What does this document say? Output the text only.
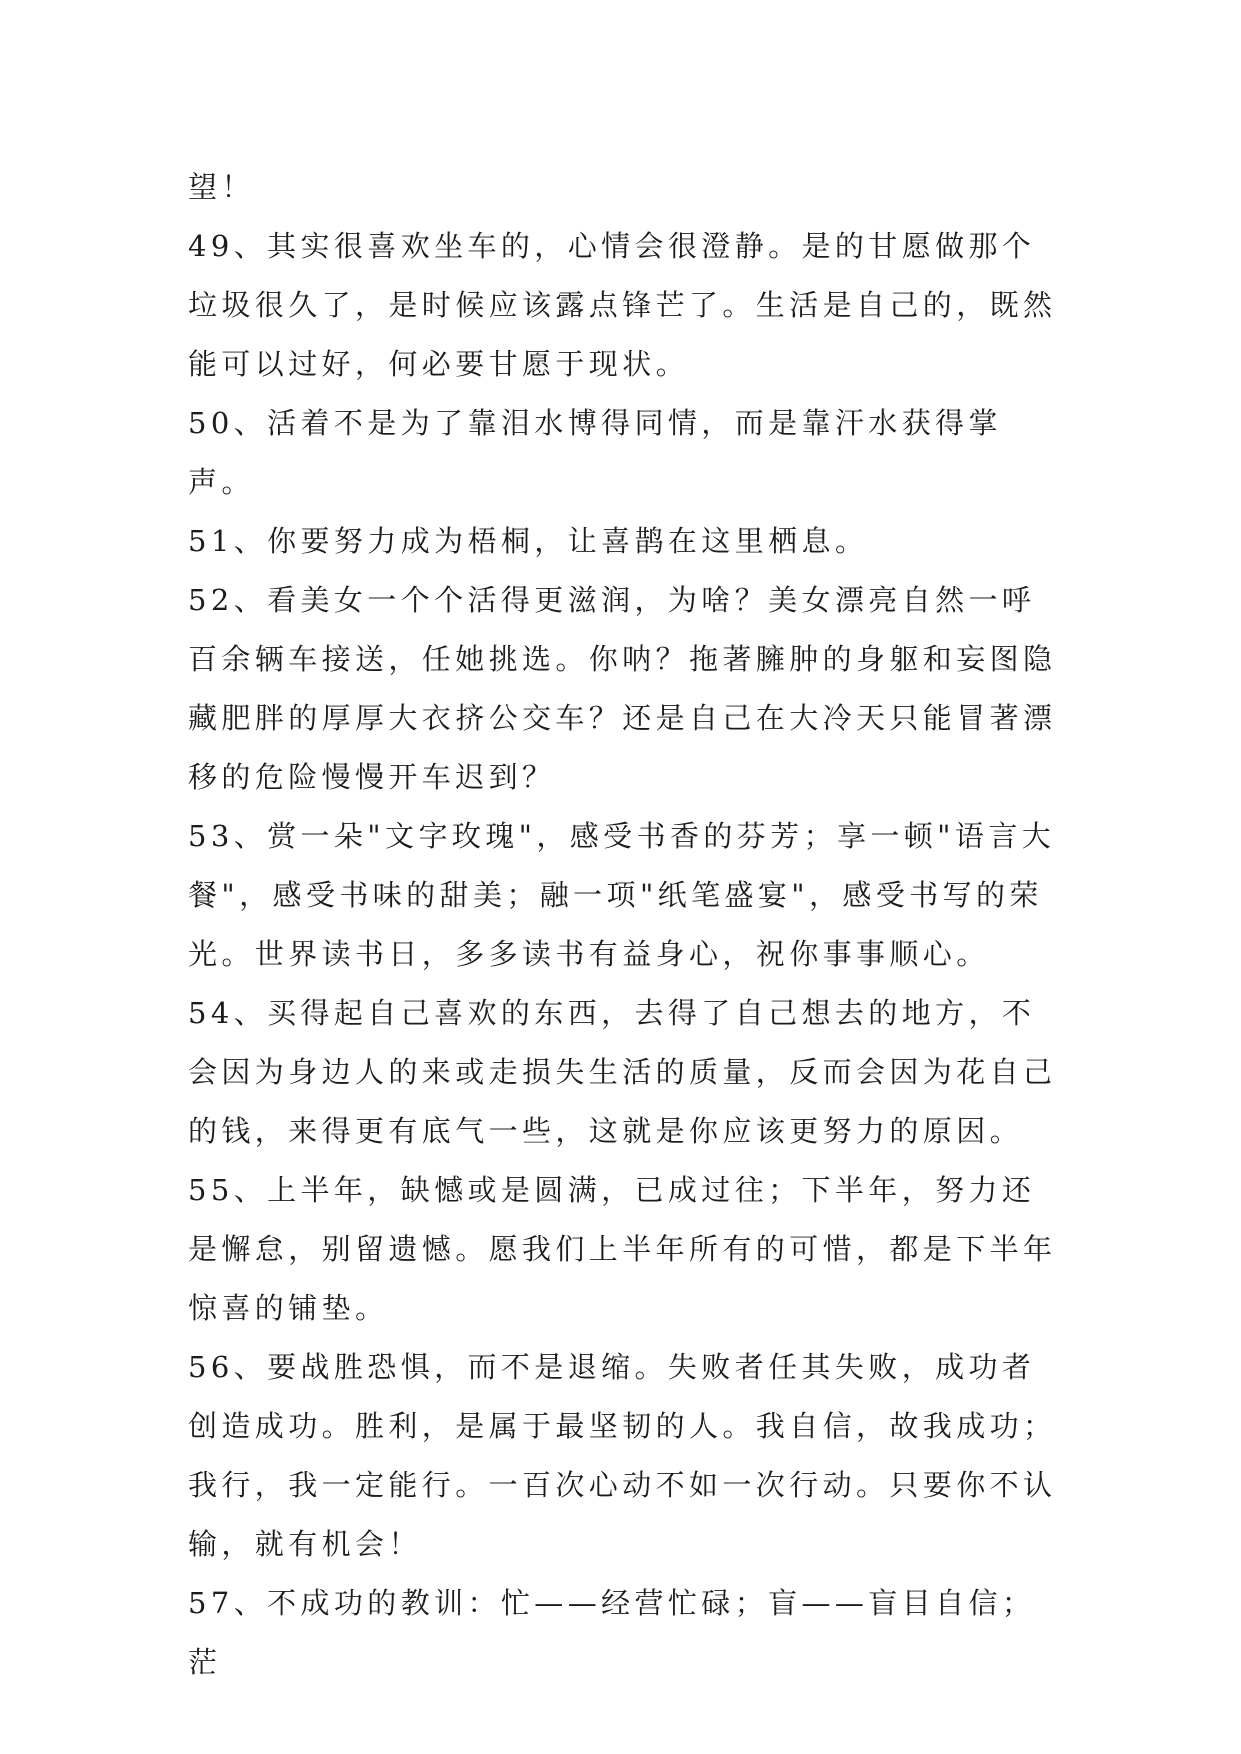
望！

49、其实很喜欢坐车的，心情会很澄静。是的甘愿做那个垃圾很久了，是时候应该露点锋芒了。生活是自己的，既然能可以过好，何必要甘愿于现状。

50、活着不是为了靠泪水博得同情，而是靠汗水获得掌声。

51、你要努力成为梧桐，让喜鹊在这里栖息。

52、看美女一个个活得更滋润，为啥？美女漂亮自然一呼百余辆车接送，任她挑选。你呐？拖著臃肿的身躯和妄图隐藏肥胖的厚厚大衣挤公交车？还是自己在大冷天只能冒著漂移的危险慢慢开车迟到？

53、赏一朵"文字玫瑰"，感受书香的芬芳；享一顿"语言大餐"，感受书味的甜美；融一项"纸笔盛宴"，感受书写的荣光。世界读书日，多多读书有益身心，祝你事事顺心。

54、买得起自己喜欢的东西，去得了自己想去的地方，不会因为身边人的来或走损失生活的质量，反而会因为花自己的钱，来得更有底气一些，这就是你应该更努力的原因。

55、上半年，缺憾或是圆满，已成过往；下半年，努力还是懈怠，别留遗憾。愿我们上半年所有的可惜，都是下半年惊喜的铺垫。

56、要战胜恐惧，而不是退缩。失败者任其失败，成功者创造成功。胜利，是属于最坚韧的人。我自信，故我成功；我行，我一定能行。一百次心动不如一次行动。只要你不认输，就有机会！

57、不成功的教训：忙——经营忙碌；盲——盲目自信；茫
